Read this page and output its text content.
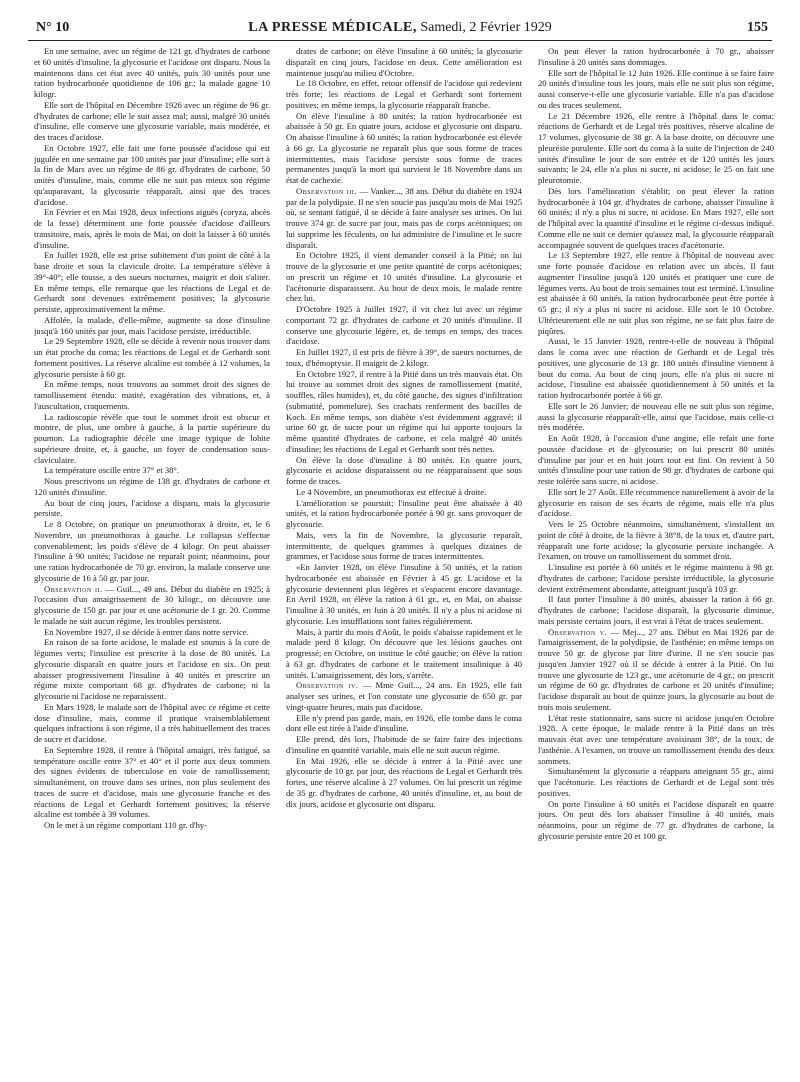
N° 10	LA PRESSE MÉDICALE, Samedi, 2 Février 1929	155

En une semaine, avec un régime de 121 gr. d'hydrates de carbone et 60 unités d'insuline, la glycosurie et l'acidose ont disparu. Nous la maintenons dans cet état avec 40 unités, puis 30 unités pour une ration hydrocarbonée quotidienne de 106 gr.; la malade gagne 10 kilogr.

Elle sort de l'hôpital en Décembre 1926 avec un régime de 96 gr. d'hydrates de carbone; elle le suit assez mal; aussi, malgré 30 unités d'insuline, elle conserve une glycosurie variable, mais modérée, et des traces d'acidose.

En Octobre 1927, elle fait une forte poussée d'acidose qui est jugulée en une semaine par 100 unités par jour d'insuline; elle sort à la fin de Mars avec un régime de 86 gr. d'hydrates de carbone, 50 unités d'insuline, mais, comme elle ne suit pas mieux son régime qu'auparavant, la glycosurie réapparaît, ainsi que des traces d'acidose.

En Février et en Mai 1928, deux infections aiguës (coryza, abcès de la fesse) déterminent une forte poussée d'acidose d'ailleurs transitoire, mais, après le mois de Mai, on doit la laisser à 60 unités d'insuline.

En Juillet 1928, elle est prise subitement d'un point de côté à la base droite et sous la clavicule droite. La température s'élève à 39°-40°; elle tousse, a des sueurs nocturnes, maigrit et doit s'aliter. En même temps, elle remarque que les réactions de Legal et de Gerhardt sont devenues extrêmement positives; la glycosurie persiste, approximativement la même.

Affolée, la malade, d'elle-même, augmente sa dose d'insuline jusqu'à 160 unités par jour, mais l'acidose persiste, irréductible.

Le 29 Septembre 1928, elle se décide à revenir nous trouver dans un état proche du coma; les réactions de Legal et de Gerhardt sont fortement positives. La réserve alcaline est tombée à 12 volumes, la glycosurie persiste à 60 gr.

En même temps, nous trouvons au sommet droit des signes de ramollissement étendu: matité, exagération des vibrations, et, à l'auscultation, craquements.

La radioscopie révèle que tout le sommet droit est obscur et montre, de plus, une ombre à gauche, à la partie supérieure du poumon. La radiographie décèle une image typique de lobite supérieure droite, et, à gauche, un foyer de condensation sous-claviculaire.

La température oscille entre 37° et 38°.

Nous prescrivons un régime de 138 gr. d'hydrates de carbone et 120 unités d'insuline.

Au bout de cinq jours, l'acidose a disparu, mais la glycosurie persiste.

Le 8 Octobre, on pratique un pneumothorax à droite, et, le 6 Novembre, un pneumothorax à gauche. Le collapsus s'effectue convenablement; les poids s'élève de 4 kilogr. On peut abaisser l'insuline à 90 unités; l'acidose ne reparaît point; néanmoins, pour une ration hydrocarbonée de 70 gr. environ, la malade conserve une glycosurie de 16 à 50 gr. par jour.

Observation ii. — Guil..., 49 ans. Début du diabète en 1925; à l'occasion d'un amaigrissement de 30 kilogr., on découvre une glycosurie de 150 gr. par jour et une acétonurie de 1 gr. 20. Comme le malade ne suit aucun régime, les troubles persistent.

En Novembre 1927, il se décide à entrer dans notre service.

En raison de sa forte acidose, le malade est soumis à la cure de légumes verts; l'insuline est prescrite à la dose de 80 unités. La glycosurie disparaît en quatre jours et l'acidose en six. On peut abaisser progressivement l'insuline à 40 unités et prescrire un régime mixte comportant 68 gr. d'hydrates de carbone; ni la glycosurie ni l'acidose ne reparaissent.

En Mars 1928, le malade sort de l'hôpital avec ce régime et cette dose d'insuline, mais, comme il pratique vraisemblablement quelques infractions à son régime, il a très habituellement des traces de sucre et d'acidose.

En Septembre 1928, il rentre à l'hôpital amaigri, très fatigué, sa température oscille entre 37° et 40° et il porte aux deux sommets des signes évidents de tuberculose en voie de ramollissement; simultanément, on trouve dans ses urines, non plus seulement des traces de sucre et d'acidose, mais une glycosurie franche et des réactions de Legal et Gerhardt fortement positives; la réserve alcaline est tombée à 39 volumes.

On le met à un régime comportant 110 gr. d'hy-

drates de carbone; on élève l'insuline à 60 unités; la glycosurie disparaît en cinq jours, l'acidose en deux. Cette amélioration est maintenue jusqu'au milieu d'Octobre.

Le 18 Octobre, en effet, retour offensif de l'acidose qui redevient très forte; les réactions de Legal et Gerhardt sont fortement positives; en même temps, la glycosurie réapparaît franche.

On élève l'insuline à 80 unités; la ration hydrocarbonée est abaissée à 50 gr. En quatre jours, acidose et glycosurie ont disparu. On abaisse l'insuline à 60 unités; la ration hydrocarbonée est élevée à 66 gr. La glycosurie ne reparaît plus que sous forme de traces intermittentes, mais l'acidose persiste sous forme de traces permanentes jusqu'à la mort qui survient le 18 Novembre dans un état de cachexie.

Observation iii. — Vanker..., 38 ans. Début du diabète en 1924 par de la polydipsie. Il ne s'en soucie pas jusqu'au mois de Mai 1925 où, se sentant fatigué, il se décide à faire analyser ses urines. On lui trouve 374 gr. de sucre par jour, mais pas de corps acétoniques; on lui supprime les féculents, on lui administre de l'insuline et le sucre disparaît.

En Octobre 1925, il vient demander conseil à la Pitié; on lui trouve de la glycosurie et une petite quantité de corps acétoniques; on prescrit un régime et 10 unités d'insuline. La glycosurie et l'acétonurie disparaissent. Au bout de deux mois, le malade rentre chez lui.

D'Octobre 1925 à Juillet 1927, il vit chez lui avec un régime comportant 72 gr. d'hydrates de carbone et 20 unités d'insuline. Il conserve une glycosurie légère, et, de temps en temps, des traces d'acidose.

En Juillet 1927, il est pris de fièvre à 39°, de sueurs nocturnes, de toux, d'hémoptysie. Il maigrit de 2 kilogr.

En Octobre 1927, il rentre à la Pitié dans un très mauvais état. On lui trouve au sommet droit des signes de ramollissement (matité, souffles, râles humides), et, du côté gauche, des signes d'infiltration (submatité, pommelure). Ses crachats renferment des bacilles de Koch. En même temps, son diabète s'est évidemment aggravé; il urine 60 gr. de sucre pour un régime qui lui apporte toujours la même quantité d'hydrates de carbone, et cela malgré 40 unités d'insuline; les réactions de Legal et Gerhardt sont très nettes.

On élève la dose d'insuline à 80 unités. En quatre jours, glycosurie et acidose disparaissent ou ne réapparaissent que sous forme de traces.

Le 4 Novembre, un pneumothorax est effectué à droite.

L'amélioration se poursuit; l'insuline peut être abaissée à 40 unités, et la ration hydrocarbonée portée à 90 gr. sans provoquer de glycosurie.

Mais, vers la fin de Novembre, la glycosurie reparaît, intermittente, de quelques grammes à quelques dizaines de grammes, et l'acidose sous forme de traces intermittentes.

«En Janvier 1928, on élève l'insuline à 50 unités, et la ration hydrocarbonée est abaissée en Février à 45 gr. L'acidose et la glycosurie deviennent plus légères et s'espacent encore davantage. En Avril 1928, on élève la ration à 61 gr., et, en Mai, on abaisse l'insuline à 30 unités, en Juin à 20 unités. Il n'y a plus ni acidose ni glycosurie. Les insufflations sont faites régulièrement.

Mais, à partir du mois d'Août, le poids s'abaisse rapidement et le malade perd 8 kilogr. On découvre que les lésions gauches ont progressé; en Octobre, on institue le côté gauche; on élève la ration à 63 gr. d'hydrates de carbone et le traitement insulinique à 40 unités. L'amaigrissement, dès lors, s'arrête.

Observation iv. — Mme Guil..., 24 ans. En 1925, elle fait analyser ses urines, et l'on constate une glycosurie de 650 gr. par vingt-quatre heures, mais pas d'acidose.

Elle n'y prend pas garde, mais, en 1926, elle tombe dans le coma dont elle est tirée à l'aide d'insuline.

Elle prend, dès lors, l'habitude de se faire faire des injections d'insuline en quantité variable, mais elle ne suit aucun régime.

En Mai 1926, elle se décide à entrer à la Pitié avec une glycosurie de 10 gr. par jour, des réactions de Legal et Gerhardt très fortes, une réserve alcaline à 27 volumes. On lui prescrit un régime de 35 gr. d'hydrates de carbone, 40 unités d'insuline, et, au bout de dix jours, acidose et glycosurie ont disparu.

On peut élever la ration hydrocarbonée à 70 gr., abaisser l'insuline à 20 unités sans dommages.

Elle sort de l'hôpital le 12 Juin 1926. Elle continue à se faire faire 20 unités d'insuline tous les jours, mais elle ne suit plus son régime, aussi conserve-t-elle une glycosurie variable. Elle n'a pas d'acidose ou des traces seulement.

Le 21 Décembre 1926, elle rentre à l'hôpital dans le coma: réactions de Gerhardt et de Legal très positives, réserve alcaline de 17 volumes, glycosurie de 38 gr. A la base droite, on découvre une pleurésie purulente. Elle sort du coma à la suite de l'injection de 240 unités d'insuline le jour de son entrée et de 120 unités les jours suivants; le 24, elle n'a plus ni sucre, ni acidose; le 25 on fait une pleurotomie.

Dès lors l'amélioration s'établit; on peut élever la ration hydrocarbonée à 104 gr. d'hydrates de carbone, abaisser l'insuline à 60 unités; il n'y a plus ni sucre, ni acidose. En Mars 1927, elle sort de l'hôpital avec la quantité d'insuline et le régime ci-dessus indiqué. Comme elle ne suit ce dernier qu'assez mal, la glycosurie réapparaît accompagnée souvent de quelques traces d'acétonurie.

Le 13 Septembre 1927, elle rentre à l'hôpital de nouveau avec une forte poussée d'acidose en relation avec un abcès. Il faut augmenter l'insuline jusqu'à 120 unités et pratiquer une cure de légumes verts. Au bout de trois semaines tout est terminé. L'insuline est abaissée à 60 unités, la ration hydrocarbonée peut être portée à 65 gr.; il n'y a plus ni sucre ni acidose. Elle sort le 10 Octobre. Ultérieurement elle ne suit plus son régime, ne se fait plus faire de piqûres.

Aussi, le 15 Janvier 1928, rentre-t-elle de nouveau à l'hôpital dans le coma avec une réaction de Gerhardt et de Legal très positives, une glycosurie de 13 gr. 180 unités d'insuline viennent à bout du coma. Au bout de cinq jours, elle n'a plus ni sucre ni acidose, l'insuline est abaissée quotidiennement à 50 unités et la ration hydrocarbonée portée à 66 gr.

Elle sort le 26 Janvier; de nouveau elle ne suit plus son régime, aussi la glycosurie réapparaît-elle, ainsi que l'acidose, mais celle-ci très modérée.

En Août 1928, à l'occasion d'une angine, elle refait une forte poussée d'acidose et de glycosurie; on lui prescrit 80 unités d'insuline par jour et en huit jours tout est fini. On revient à 50 unités d'insuline pour une ration de 98 gr. d'hydrates de carbone qui reste tolérée sans sucre, ni acidose.

Elle sort le 27 Août. Elle recommence naturellement à avoir de la glycosurie en raison de ses écarts de régime, mais elle n'a plus d'acidose.

Vers le 25 Octobre néanmoins, simultanément, s'installent un point de côté à droite, de la fièvre à 38°8, de la toux et, d'autre part, réapparaît une forte acidose; la glycosurie persiste inchangée. A l'examen, on trouve un ramollissement du sommet droit.

L'insuline est portée à 60 unités et le régime maintenu à 98 gr. d'hydrates de carbone; l'acidose persiste irréductible, la glycosurie devient extrêmement abondante, atteignant jusqu'à 103 gr.

Il faut porter l'insuline à 80 unités, abaisser la ration à 66 gr. d'hydrates de carbone; l'acidose disparaît, la glycosurie diminue, mais persiste certains jours, il est vrai à l'état de traces seulement.

Observation v. — Mej..., 27 ans. Début en Mai 1926 par de l'amaigrissement, de la polydipsie, de l'asthénie; en même temps on trouve 50 gr. de glycose par litre d'urine. Il ne s'en soucie pas jusqu'en Janvier 1927 où il se décide à entrer à la Pitié. On lui trouve une glycosurie de 123 gr., une acétonurie de 4 gr.; on prescrit un régime de 60 gr. d'hydrates de carbone et 20 unités d'insuline; l'acidose disparaît au bout de quinze jours, la glycosurie au bout de trois mois seulement.

L'état reste stationnaire, sans sucre ni acidose jusqu'en Octobre 1928. A cette époque, le malade rentre à la Pitié dans un très mauvais état avec une température avoisinant 38°, de la toux, de l'asthénie. A l'examen, on trouve un ramollissement étendu des deux sommets.

Simultanément la glycosurie a réapparu atteignant 55 gr., ainsi que l'acétonurie. Les réactions de Gerhardt et de Legal sont très positives.

On porte l'insuline à 60 unités et l'acidose disparaît en quatre jours. On peut dès lors abaisser l'insuline à 40 unités, mais néanmoins, pour un régime de 77 gr. d'hydrates de carbone, la glycosurie persiste entre 20 et 100 gr.
